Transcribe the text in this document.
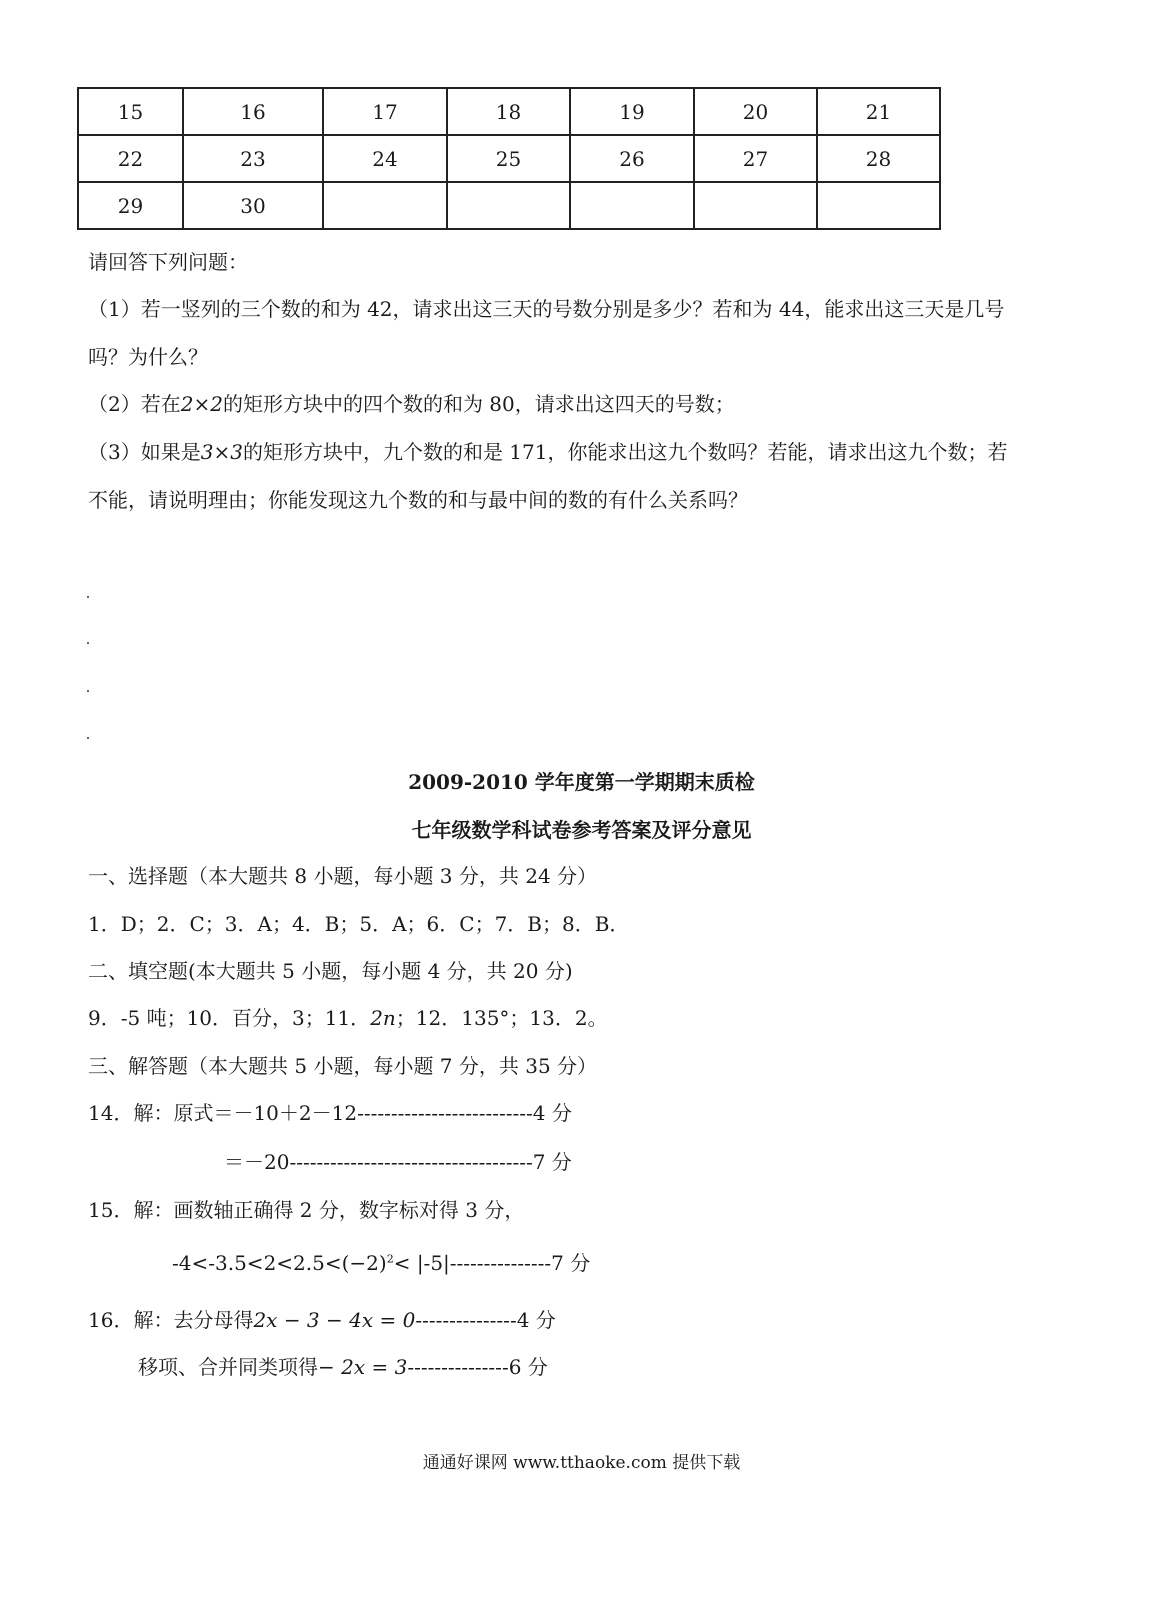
15	16	17	18	19	20	21
22	23	24	25	26	27	28
29	30					
请回答下列问题：
（1）若一竖列的三个数的和为 42，请求出这三天的号数分别是多少？若和为 44，能求出这三天是几号
吗？为什么？
（2）若在2×2的矩形方块中的四个数的和为 80，请求出这四天的号数；
（3）如果是3×3的矩形方块中，九个数的和是 171，你能求出这九个数吗？若能，请求出这九个数；若
不能，请说明理由；你能发现这九个数的和与最中间的数的有什么关系吗？
2009-2010 学年度第一学期期末质检
七年级数学科试卷参考答案及评分意见
一、选择题（本大题共 8 小题，每小题 3 分，共 24 分）
1．D；2．C；3．A；4．B；5．A；6．C；7．B；8．B．
二、填空题(本大题共 5 小题，每小题 4 分，共 20 分)
9．-5 吨；10．百分，3；11．2n；12．135°；13．2。
三、解答题（本大题共 5 小题，每小题 7 分，共 35 分）
14．解：原式＝－10＋2－12--------------------------4 分
＝－20------------------------------------7 分
15．解：画数轴正确得 2 分，数字标对得 3 分，
$-4<-3.5<2<2.5<(-2)^2< |-5|---------------7$ 分
16．解：去分母得2x − 3 − 4x = 0---------------4 分
移项、合并同类项得− 2x = 3---------------6 分
通通好课网 www.tthaoke.com 提供下载
